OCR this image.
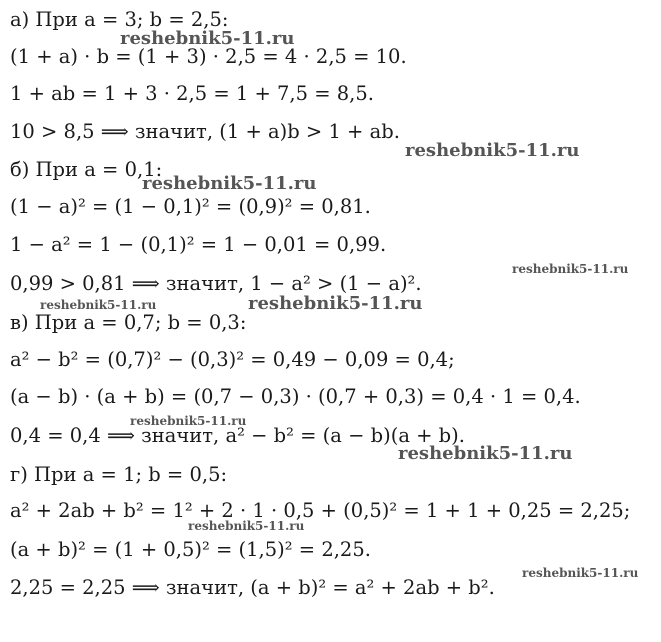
а) При a = 3; b = 2,5:
(1 + a) · b = (1 + 3) · 2,5 = 4 · 2,5 = 10.
1 + ab = 1 + 3 · 2,5 = 1 + 7,5 = 8,5.
10 > 8,5 ⟹ значит, (1 + a)b > 1 + ab.
б) При a = 0,1:
(1 − a)² = (1 − 0,1)² = (0,9)² = 0,81.
1 − a² = 1 − (0,1)² = 1 − 0,01 = 0,99.
0,99 > 0,81 ⟹ значит, 1 − a² > (1 − a)².
в) При a = 0,7; b = 0,3:
a² − b² = (0,7)² − (0,3)² = 0,49 − 0,09 = 0,4;
(a − b) · (a + b) = (0,7 − 0,3) · (0,7 + 0,3) = 0,4 · 1 = 0,4.
0,4 = 0,4 ⟹ значит, a² − b² = (a − b)(a + b).
г) При a = 1; b = 0,5:
a² + 2ab + b² = 1² + 2 · 1 · 0,5 + (0,5)² = 1 + 1 + 0,25 = 2,25;
(a + b)² = (1 + 0,5)² = (1,5)² = 2,25.
2,25 = 2,25 ⟹ значит, (a + b)² = a² + 2ab + b².
reshebnik5-11.ru
reshebnik5-11.ru
reshebnik5-11.ru
reshebnik5-11.ru
reshebnik5-11.ru	reshebnik5-11.ru
reshebnik5-11.ru
reshebnik5-11.ru
reshebnik5-11.ru
reshebnik5-11.ru
